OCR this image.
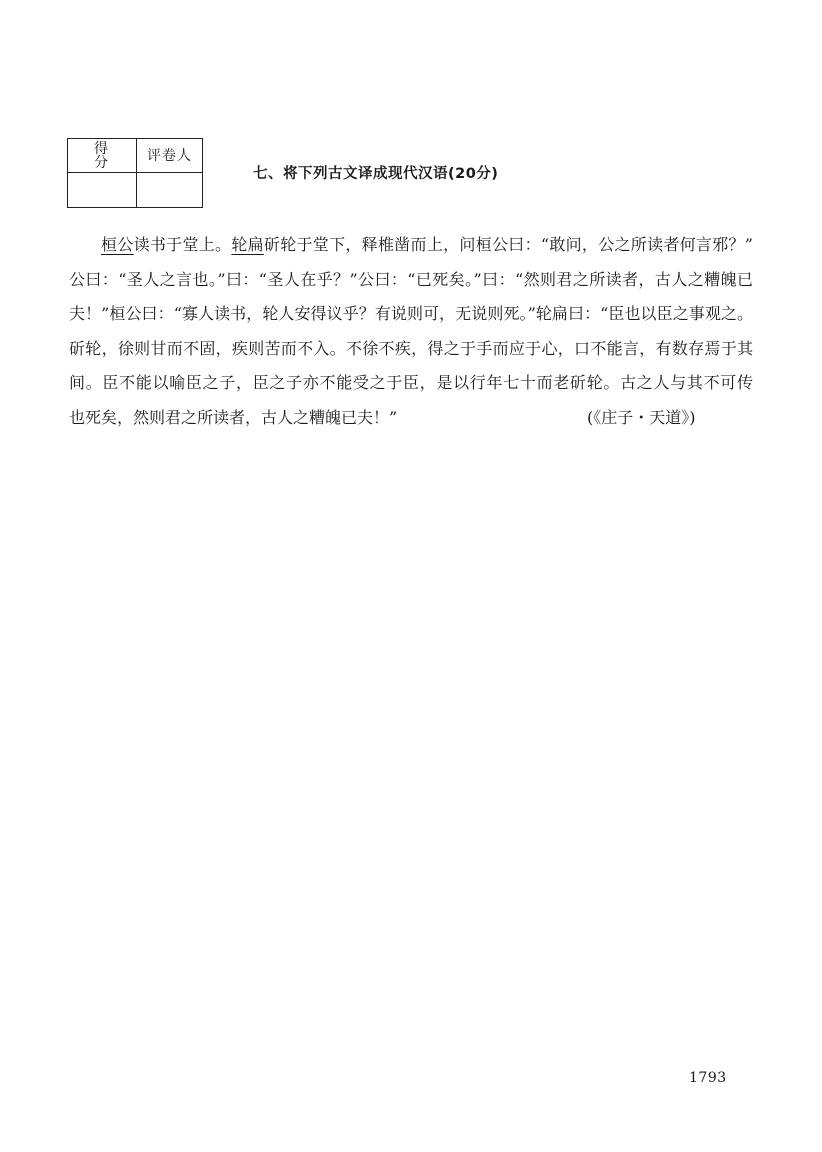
得　分	评卷人

七、将下列古文译成现代汉语(20分)
桓公读书于堂上。轮扁斫轮于堂下，释椎凿而上，问桓公曰：“敢问，公之所读者何言邪？”
公曰：“圣人之言也。”曰：“圣人在乎？”公曰：“已死矣。”曰：“然则君之所读者，古人之糟魄已
夫！”桓公曰：“寡人读书，轮人安得议乎？有说则可，无说则死。”轮扁曰：“臣也以臣之事观之。
斫轮，徐则甘而不固，疾则苦而不入。不徐不疾，得之于手而应于心，口不能言，有数存焉于其
间。臣不能以喻臣之子，臣之子亦不能受之于臣，是以行年七十而老斫轮。古之人与其不可传
也死矣，然则君之所读者，古人之糟魄已夫！”	(《庄子・天道》)
1793
